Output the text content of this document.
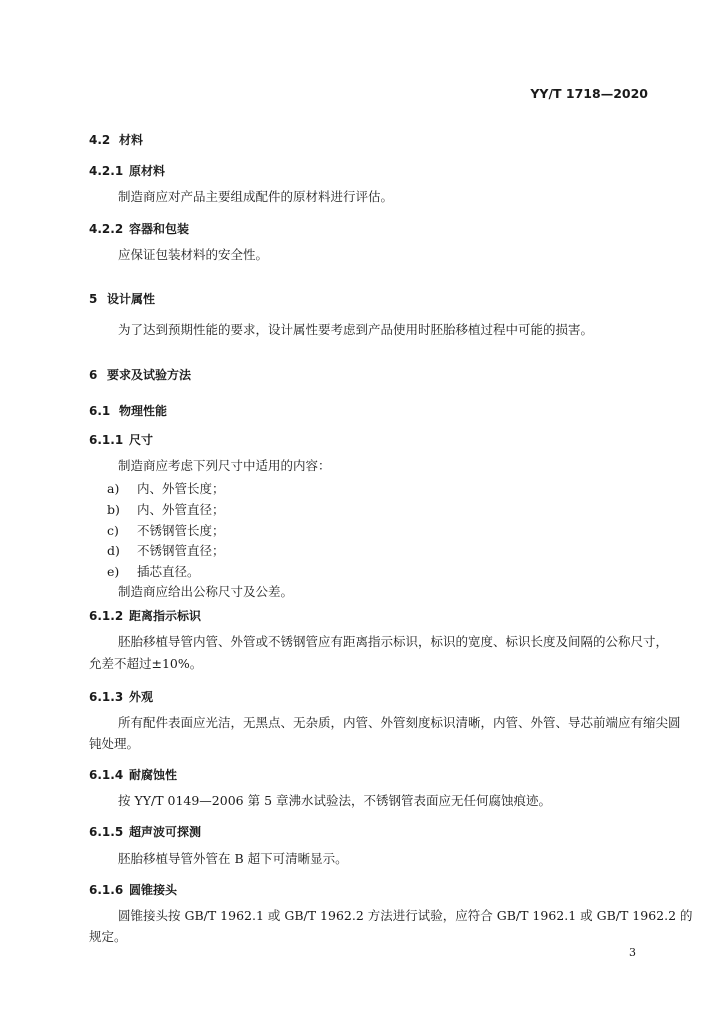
YY/T 1718—2020
4.2 材料
4.2.1 原材料
制造商应对产品主要组成配件的原材料进行评估。
4.2.2 容器和包装
应保证包装材料的安全性。
5 设计属性
为了达到预期性能的要求，设计属性要考虑到产品使用时胚胎移植过程中可能的损害。
6 要求及试验方法
6.1 物理性能
6.1.1 尺寸
制造商应考虑下列尺寸中适用的内容：
a) 内、外管长度；
b) 内、外管直径；
c) 不锈钢管长度；
d) 不锈钢管直径；
e) 插芯直径。
制造商应给出公称尺寸及公差。
6.1.2 距离指示标识
胚胎移植导管内管、外管或不锈钢管应有距离指示标识，标识的宽度、标识长度及间隔的公称尺寸，
允差不超过±10%。
6.1.3 外观
所有配件表面应光洁，无黑点、无杂质，内管、外管刻度标识清晰，内管、外管、导芯前端应有缩尖圆
钝处理。
6.1.4 耐腐蚀性
按 YY/T 0149—2006 第 5 章沸水试验法，不锈钢管表面应无任何腐蚀痕迹。
6.1.5 超声波可探测
胚胎移植导管外管在 B 超下可清晰显示。
6.1.6 圆锥接头
圆锥接头按 GB/T 1962.1 或 GB/T 1962.2 方法进行试验，应符合 GB/T 1962.1 或 GB/T 1962.2 的
规定。
3
